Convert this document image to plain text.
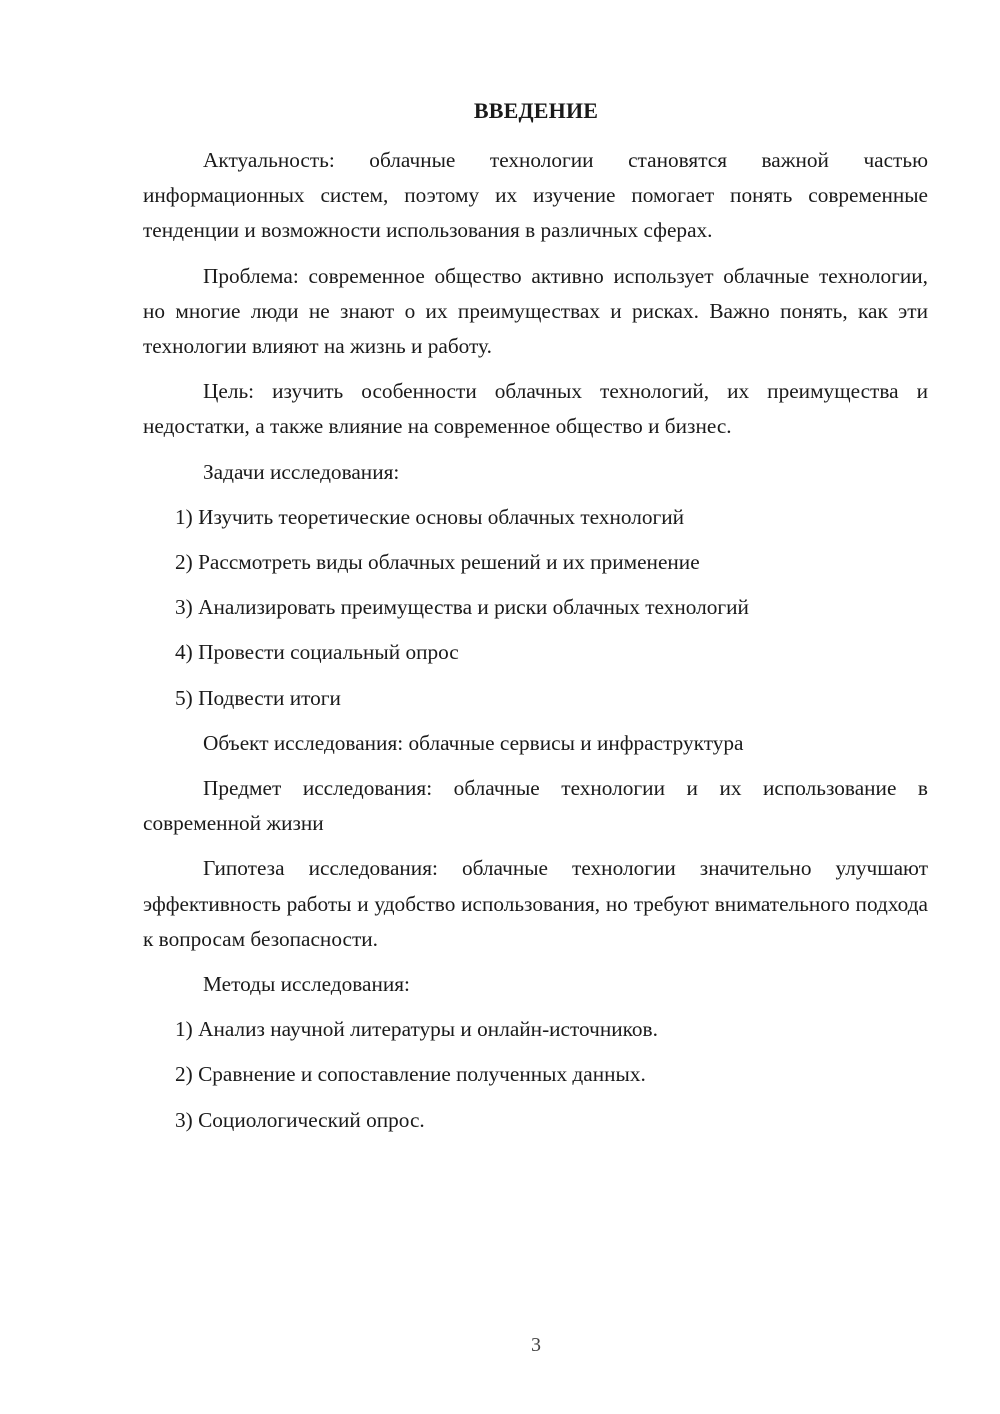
ВВЕДЕНИЕ

Актуальность: облачные технологии становятся важной частью информационных систем, поэтому их изучение помогает понять современные тенденции и возможности использования в различных сферах.

Проблема: современное общество активно использует облачные технологии, но многие люди не знают о их преимуществах и рисках. Важно понять, как эти технологии влияют на жизнь и работу.

Цель: изучить особенности облачных технологий, их преимущества и недостатки, а также влияние на современное общество и бизнес.

Задачи исследования:
1) Изучить теоретические основы облачных технологий
2) Рассмотреть виды облачных решений и их применение
3) Анализировать преимущества и риски облачных технологий
4) Провести социальный опрос
5) Подвести итоги
Объект исследования: облачные сервисы и инфраструктура

Предмет исследования: облачные технологии и их использование в современной жизни

Гипотеза исследования: облачные технологии значительно улучшают эффективность работы и удобство использования, но требуют внимательного подхода к вопросам безопасности.

Методы исследования:
1) Анализ научной литературы и онлайн-источников.
2) Сравнение и сопоставление полученных данных.
3) Социологический опрос.
3
